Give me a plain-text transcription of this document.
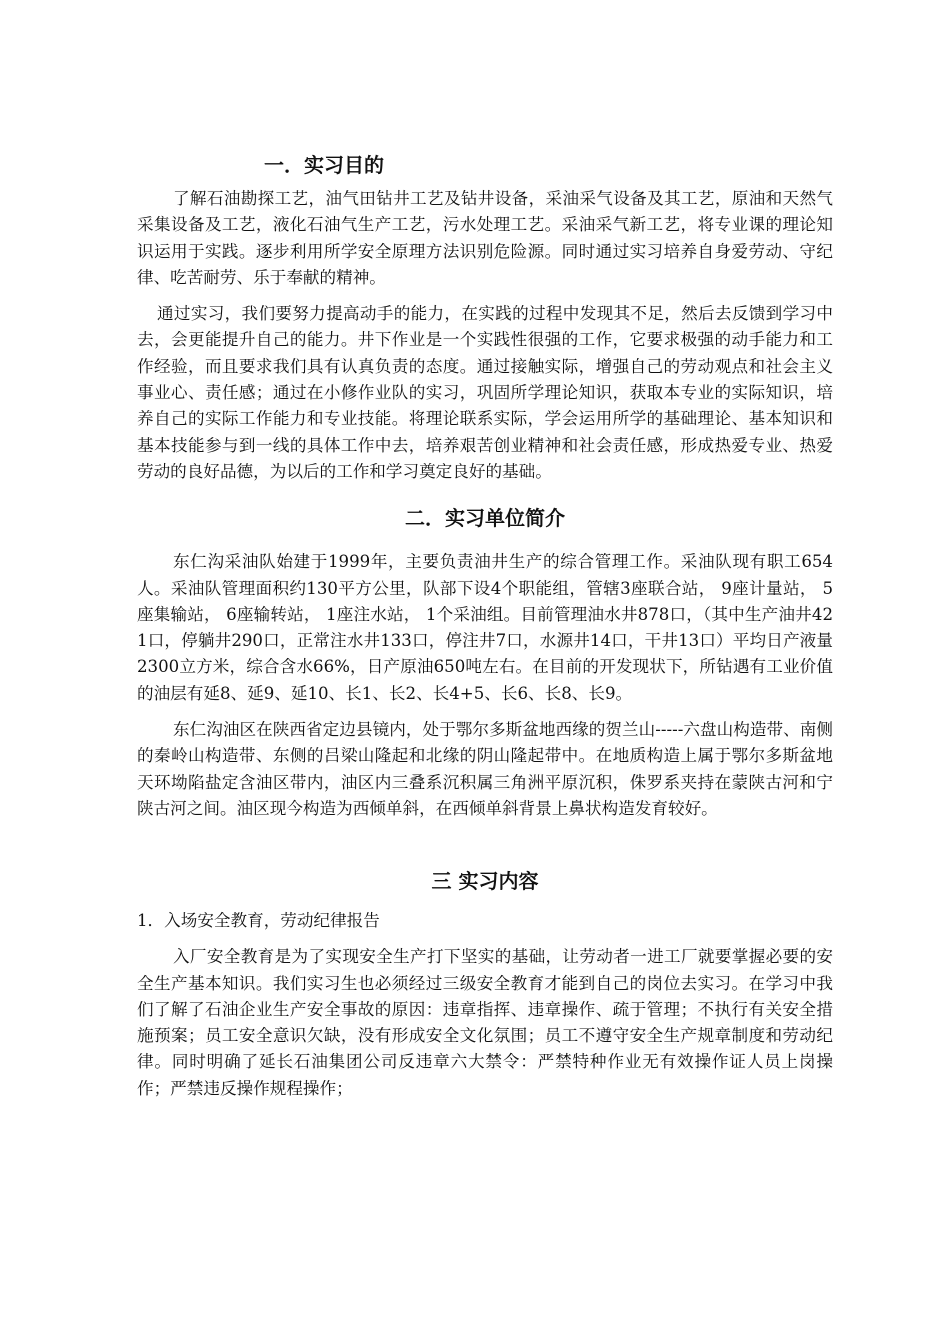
一．实习目的

了解石油勘探工艺，油气田钻井工艺及钻井设备，采油采气设备及其工艺，原油和天然气采集设备及工艺，液化石油气生产工艺，污水处理工艺。采油采气新工艺，将专业课的理论知识运用于实践。逐步利用所学安全原理方法识别危险源。同时通过实习培养自身爱劳动、守纪律、吃苦耐劳、乐于奉献的精神。

通过实习，我们要努力提高动手的能力，在实践的过程中发现其不足，然后去反馈到学习中去，会更能提升自己的能力。井下作业是一个实践性很强的工作，它要求极强的动手能力和工作经验，而且要求我们具有认真负责的态度。通过接触实际，增强自己的劳动观点和社会主义事业心、责任感；通过在小修作业队的实习，巩固所学理论知识，获取本专业的实际知识，培养自己的实际工作能力和专业技能。将理论联系实际，学会运用所学的基础理论、基本知识和基本技能参与到一线的具体工作中去，培养艰苦创业精神和社会责任感，形成热爱专业、热爱劳动的良好品德，为以后的工作和学习奠定良好的基础。

二．实习单位简介

东仁沟采油队始建于1999年，主要负责油井生产的综合管理工作。采油队现有职工654人。采油队管理面积约130平方公里，队部下设4个职能组，管辖3座联合站， 9座计量站， 5座集输站， 6座输转站， 1座注水站， 1个采油组。目前管理油水井878口，（其中生产油井421口，停躺井290口，正常注水井133口，停注井7口，水源井14口，干井13口）平均日产液量2300立方米，综合含水66%，日产原油650吨左右。在目前的开发现状下，所钻遇有工业价值的油层有延8、延9、延10、长1、长2、长4+5、长6、长8、长9。

东仁沟油区在陕西省定边县镜内，处于鄂尔多斯盆地西缘的贺兰山-----六盘山构造带、南侧的秦岭山构造带、东侧的吕梁山隆起和北缘的阴山隆起带中。在地质构造上属于鄂尔多斯盆地天环坳陷盐定含油区带内，油区内三叠系沉积属三角洲平原沉积，侏罗系夹持在蒙陕古河和宁陕古河之间。油区现今构造为西倾单斜，在西倾单斜背景上鼻状构造发育较好。

三 实习内容

1．入场安全教育，劳动纪律报告

入厂安全教育是为了实现安全生产打下坚实的基础，让劳动者一进工厂就要掌握必要的安全生产基本知识。我们实习生也必须经过三级安全教育才能到自己的岗位去实习。在学习中我们了解了石油企业生产安全事故的原因：违章指挥、违章操作、疏于管理；不执行有关安全措施预案；员工安全意识欠缺，没有形成安全文化氛围；员工不遵守安全生产规章制度和劳动纪律。同时明确了延长石油集团公司反违章六大禁令：严禁特种作业无有效操作证人员上岗操作；严禁违反操作规程操作；
